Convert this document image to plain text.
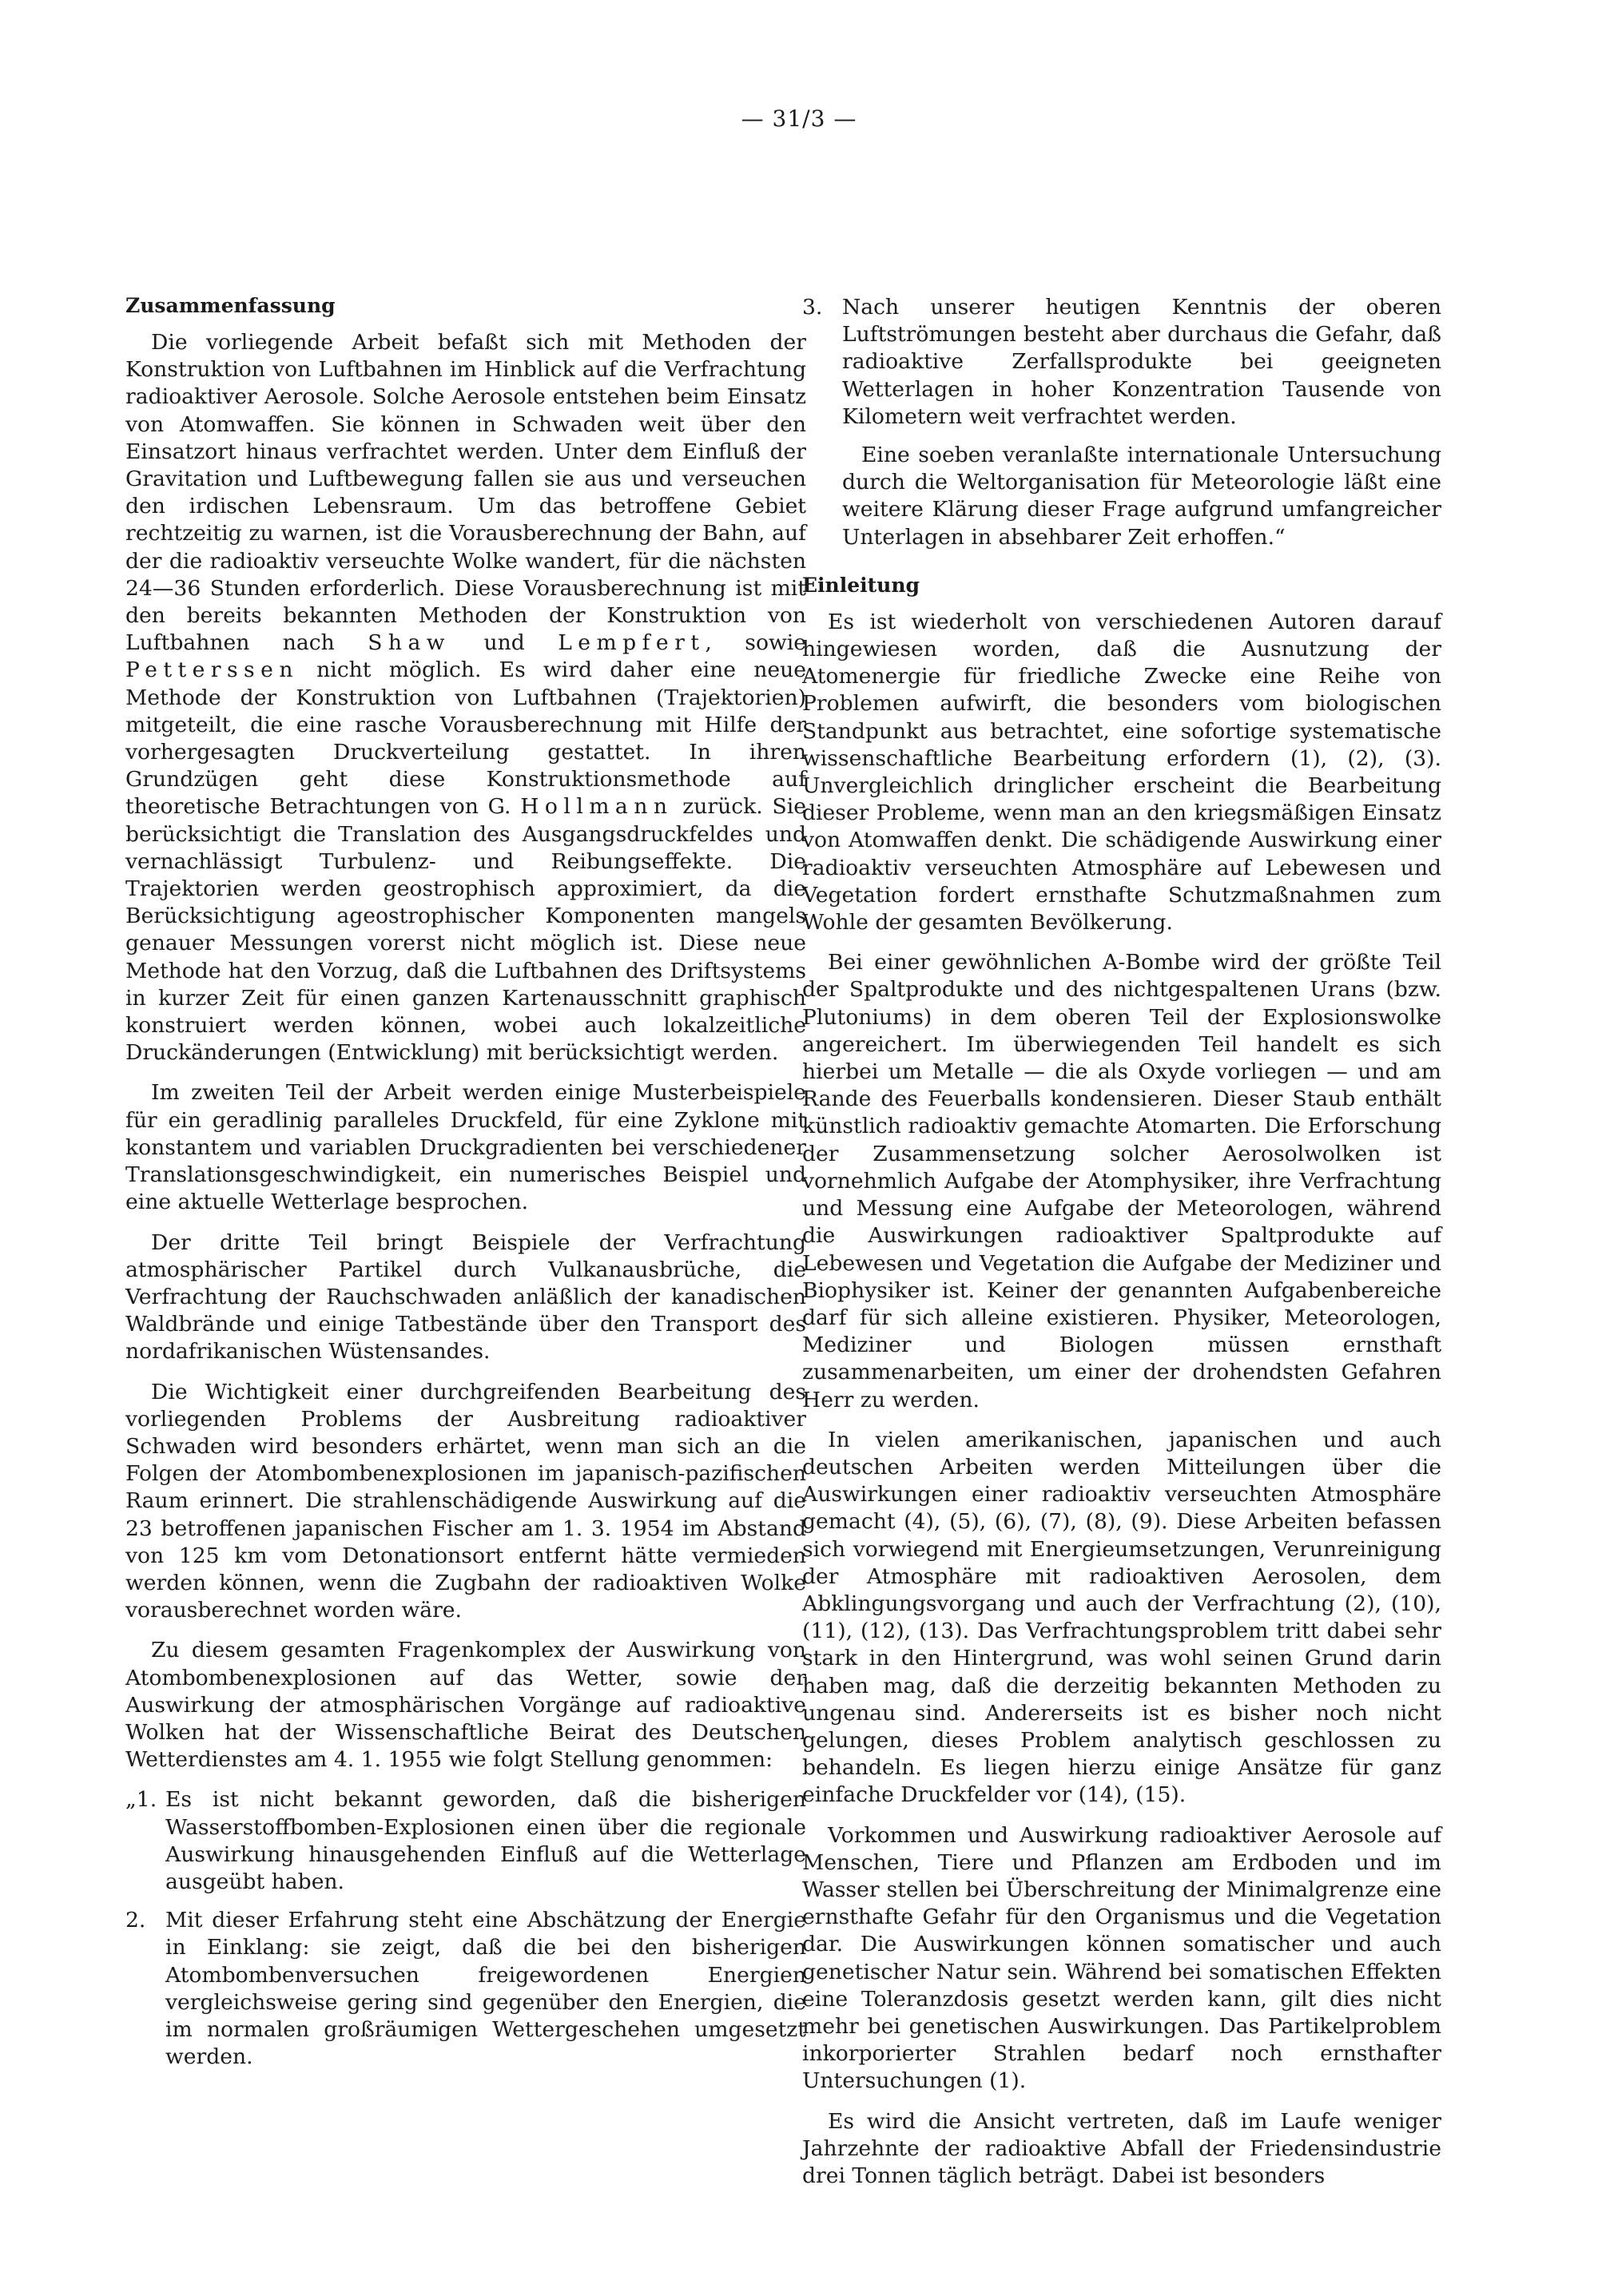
— 31/3 —
Zusammenfassung

Die vorliegende Arbeit befaßt sich mit Methoden der Konstruktion von Luftbahnen im Hinblick auf die Verfrachtung radioaktiver Aerosole. Solche Aerosole entstehen beim Einsatz von Atomwaffen. Sie können in Schwaden weit über den Einsatzort hinaus verfrachtet werden. Unter dem Einfluß der Gravitation und Luftbewegung fallen sie aus und verseuchen den irdischen Lebensraum. Um das betroffene Gebiet rechtzeitig zu warnen, ist die Vorausberechnung der Bahn, auf der die radioaktiv verseuchte Wolke wandert, für die nächsten 24—36 Stunden erforderlich. Diese Vorausberechnung ist mit den bereits bekannten Methoden der Konstruktion von Luftbahnen nach Shaw und Lempfert, sowie Petterssen nicht möglich. Es wird daher eine neue Methode der Konstruktion von Luftbahnen (Trajektorien) mitgeteilt, die eine rasche Vorausberechnung mit Hilfe der vorhergesagten Druckverteilung gestattet. In ihren Grundzügen geht diese Konstruktionsmethode auf theoretische Betrachtungen von G. Hollmann zurück. Sie berücksichtigt die Translation des Ausgangsdruckfeldes und vernachlässigt Turbulenz- und Reibungseffekte. Die Trajektorien werden geostrophisch approximiert, da die Berücksichtigung ageostrophischer Komponenten mangels genauer Messungen vorerst nicht möglich ist. Diese neue Methode hat den Vorzug, daß die Luftbahnen des Driftsystems in kurzer Zeit für einen ganzen Kartenausschnitt graphisch konstruiert werden können, wobei auch lokalzeitliche Druckänderungen (Entwicklung) mit berücksichtigt werden.

Im zweiten Teil der Arbeit werden einige Musterbeispiele für ein geradlinig paralleles Druckfeld, für eine Zyklone mit konstantem und variablen Druckgradienten bei verschiedener Translationsgeschwindigkeit, ein numerisches Beispiel und eine aktuelle Wetterlage besprochen.

Der dritte Teil bringt Beispiele der Verfrachtung atmosphärischer Partikel durch Vulkanausbrüche, die Verfrachtung der Rauchschwaden anläßlich der kanadischen Waldbrände und einige Tatbestände über den Transport des nordafrikanischen Wüstensandes.

Die Wichtigkeit einer durchgreifenden Bearbeitung des vorliegenden Problems der Ausbreitung radioaktiver Schwaden wird besonders erhärtet, wenn man sich an die Folgen der Atombombenexplosionen im japanisch-pazifischen Raum erinnert. Die strahlenschädigende Auswirkung auf die 23 betroffenen japanischen Fischer am 1. 3. 1954 im Abstand von 125 km vom Detonationsort entfernt hätte vermieden werden können, wenn die Zugbahn der radioaktiven Wolke vorausberechnet worden wäre.

Zu diesem gesamten Fragenkomplex der Auswirkung von Atombombenexplosionen auf das Wetter, sowie der Auswirkung der atmosphärischen Vorgänge auf radioaktive Wolken hat der Wissenschaftliche Beirat des Deutschen Wetterdienstes am 4. 1. 1955 wie folgt Stellung genommen:

„1. Es ist nicht bekannt geworden, daß die bisherigen Wasserstoffbomben-Explosionen einen über die regionale Auswirkung hinausgehenden Einfluß auf die Wetterlage ausgeübt haben.
2. Mit dieser Erfahrung steht eine Abschätzung der Energie in Einklang: sie zeigt, daß die bei den bisherigen Atombombenversuchen freigewordenen Energien vergleichsweise gering sind gegenüber den Energien, die im normalen großräumigen Wettergeschehen umgesetzt werden.
3. Nach unserer heutigen Kenntnis der oberen Luftströmungen besteht aber durchaus die Gefahr, daß radioaktive Zerfallsprodukte bei geeigneten Wetterlagen in hoher Konzentration Tausende von Kilometern weit verfrachtet werden.

Eine soeben veranlaßte internationale Untersuchung durch die Weltorganisation für Meteorologie läßt eine weitere Klärung dieser Frage aufgrund umfangreicher Unterlagen in absehbarer Zeit erhoffen.“

Einleitung

Es ist wiederholt von verschiedenen Autoren darauf hingewiesen worden, daß die Ausnutzung der Atomenergie für friedliche Zwecke eine Reihe von Problemen aufwirft, die besonders vom biologischen Standpunkt aus betrachtet, eine sofortige systematische wissenschaftliche Bearbeitung erfordern (1), (2), (3). Unvergleichlich dringlicher erscheint die Bearbeitung dieser Probleme, wenn man an den kriegsmäßigen Einsatz von Atomwaffen denkt. Die schädigende Auswirkung einer radioaktiv verseuchten Atmosphäre auf Lebewesen und Vegetation fordert ernsthafte Schutzmaßnahmen zum Wohle der gesamten Bevölkerung.

Bei einer gewöhnlichen A-Bombe wird der größte Teil der Spaltprodukte und des nichtgespaltenen Urans (bzw. Plutoniums) in dem oberen Teil der Explosionswolke angereichert. Im überwiegenden Teil handelt es sich hierbei um Metalle — die als Oxyde vorliegen — und am Rande des Feuerballs kondensieren. Dieser Staub enthält künstlich radioaktiv gemachte Atomarten. Die Erforschung der Zusammensetzung solcher Aerosolwolken ist vornehmlich Aufgabe der Atomphysiker, ihre Verfrachtung und Messung eine Aufgabe der Meteorologen, während die Auswirkungen radioaktiver Spaltprodukte auf Lebewesen und Vegetation die Aufgabe der Mediziner und Biophysiker ist. Keiner der genannten Aufgabenbereiche darf für sich alleine existieren. Physiker, Meteorologen, Mediziner und Biologen müssen ernsthaft zusammenarbeiten, um einer der drohendsten Gefahren Herr zu werden.

In vielen amerikanischen, japanischen und auch deutschen Arbeiten werden Mitteilungen über die Auswirkungen einer radioaktiv verseuchten Atmosphäre gemacht (4), (5), (6), (7), (8), (9). Diese Arbeiten befassen sich vorwiegend mit Energieumsetzungen, Verunreinigung der Atmosphäre mit radioaktiven Aerosolen, dem Abklingungsvorgang und auch der Verfrachtung (2), (10), (11), (12), (13). Das Verfrachtungsproblem tritt dabei sehr stark in den Hintergrund, was wohl seinen Grund darin haben mag, daß die derzeitig bekannten Methoden zu ungenau sind. Andererseits ist es bisher noch nicht gelungen, dieses Problem analytisch geschlossen zu behandeln. Es liegen hierzu einige Ansätze für ganz einfache Druckfelder vor (14), (15).

Vorkommen und Auswirkung radioaktiver Aerosole auf Menschen, Tiere und Pflanzen am Erdboden und im Wasser stellen bei Überschreitung der Minimalgrenze eine ernsthafte Gefahr für den Organismus und die Vegetation dar. Die Auswirkungen können somatischer und auch genetischer Natur sein. Während bei somatischen Effekten eine Toleranzdosis gesetzt werden kann, gilt dies nicht mehr bei genetischen Auswirkungen. Das Partikelproblem inkorporierter Strahlen bedarf noch ernsthafter Untersuchungen (1).

Es wird die Ansicht vertreten, daß im Laufe weniger Jahrzehnte der radioaktive Abfall der Friedensindustrie drei Tonnen täglich beträgt. Dabei ist besonders
